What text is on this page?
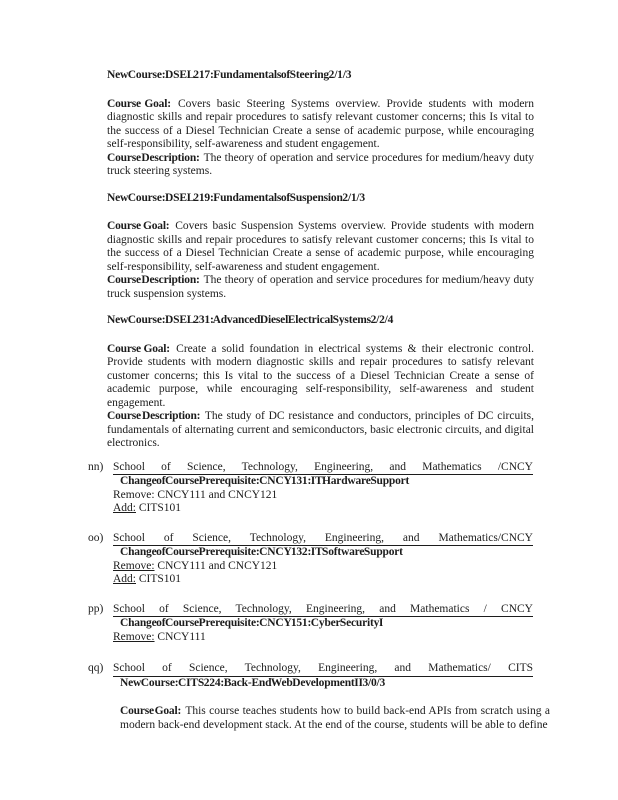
New Course: DSEL 217: Fundamentals of Steering 2/1/3

Course Goal: Covers basic Steering Systems overview. Provide students with modern diagnostic skills and repair procedures to satisfy relevant customer concerns; this Is vital to the success of a Diesel Technician Create a sense of academic purpose, while encouraging self-responsibility, self-awareness and student engagement.

Course Description: The theory of operation and service procedures for medium/heavy duty truck steering systems.

New Course: DSEL 219: Fundamentals of Suspension 2/1/3

Course Goal: Covers basic Suspension Systems overview. Provide students with modern diagnostic skills and repair procedures to satisfy relevant customer concerns; this Is vital to the success of a Diesel Technician Create a sense of academic purpose, while encouraging self-responsibility, self-awareness and student engagement.

Course Description: The theory of operation and service procedures for medium/heavy duty truck suspension systems.

New Course: DSEL 231: Advanced Diesel Electrical Systems 2/2/4

Course Goal: Create a solid foundation in electrical systems & their electronic control. Provide students with modern diagnostic skills and repair procedures to satisfy relevant customer concerns; this Is vital to the success of a Diesel Technician Create a sense of academic purpose, while encouraging self-responsibility, self-awareness and student engagement.

Course Description: The study of DC resistance and conductors, principles of DC circuits, fundamentals of alternating current and semiconductors, basic electronic circuits, and digital electronics.

nn) School of Science, Technology, Engineering, and Mathematics /CNCY
Change of Course Prerequisite: CNCY 131: IT Hardware Support
Remove: CNCY111 and CNCY121
Add: CITS101
oo) School of Science, Technology, Engineering, and Mathematics/CNCY
Change of Course Prerequisite: CNCY 132: IT Software Support
Remove: CNCY111 and CNCY121
Add: CITS101
pp) School of Science, Technology, Engineering, and Mathematics / CNCY
Change of Course Prerequisite: CNCY 151: Cyber Security I
Remove: CNCY111
qq) School of Science, Technology, Engineering, and Mathematics/ CITS
New Course: CITS 224: Back-End Web Development II 3/0/3

Course Goal: This course teaches students how to build back-end APIs from scratch using a modern back-end development stack. At the end of the course, students will be able to define
